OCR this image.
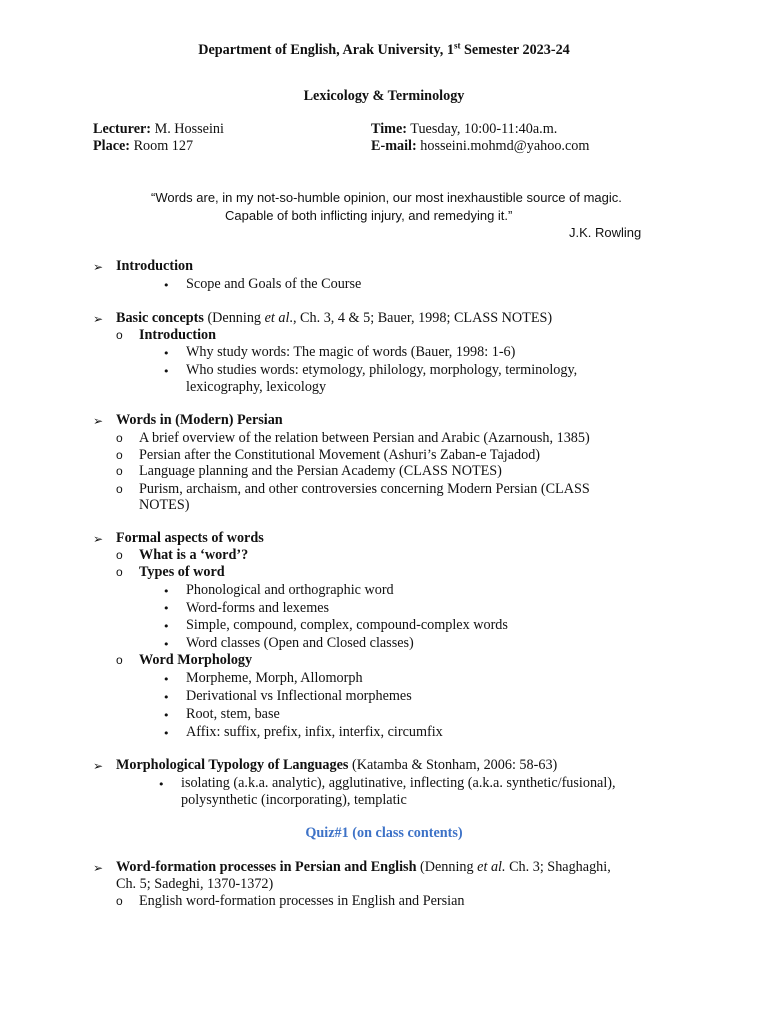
Department of English, Arak University, 1st Semester 2023-24
Lexicology & Terminology
Lecturer: M. Hosseini
Place: Room 127
Time: Tuesday, 10:00-11:40a.m.
E-mail: hosseini.mohmd@yahoo.com
“Words are, in my not-so-humble opinion, our most inexhaustible source of magic.
Capable of both inflicting injury, and remedying it.”
J.K. Rowling
➢ Introduction
• Scope and Goals of the Course
➢ Basic concepts (Denning et al., Ch. 3, 4 & 5; Bauer, 1998; CLASS NOTES)
o Introduction
• Why study words: The magic of words (Bauer, 1998: 1-6)
• Who studies words: etymology, philology, morphology, terminology,
lexicography, lexicology
➢ Words in (Modern) Persian
o A brief overview of the relation between Persian and Arabic (Azarnoush, 1385)
o Persian after the Constitutional Movement (Ashuri’s Zaban-e Tajadod)
o Language planning and the Persian Academy (CLASS NOTES)
o Purism, archaism, and other controversies concerning Modern Persian (CLASS
NOTES)
➢ Formal aspects of words
o What is a ‘word’?
o Types of word
• Phonological and orthographic word
• Word-forms and lexemes
• Simple, compound, complex, compound-complex words
• Word classes (Open and Closed classes)
o Word Morphology
• Morpheme, Morph, Allomorph
• Derivational vs Inflectional morphemes
• Root, stem, base
• Affix: suffix, prefix, infix, interfix, circumfix
➢ Morphological Typology of Languages (Katamba & Stonham, 2006: 58-63)
• isolating (a.k.a. analytic), agglutinative, inflecting (a.k.a. synthetic/fusional),
polysynthetic (incorporating), templatic
Quiz#1 (on class contents)
➢ Word-formation processes in Persian and English (Denning et al. Ch. 3; Shaghaghi,
Ch. 5; Sadeghi, 1370-1372)
o English word-formation processes in English and Persian
